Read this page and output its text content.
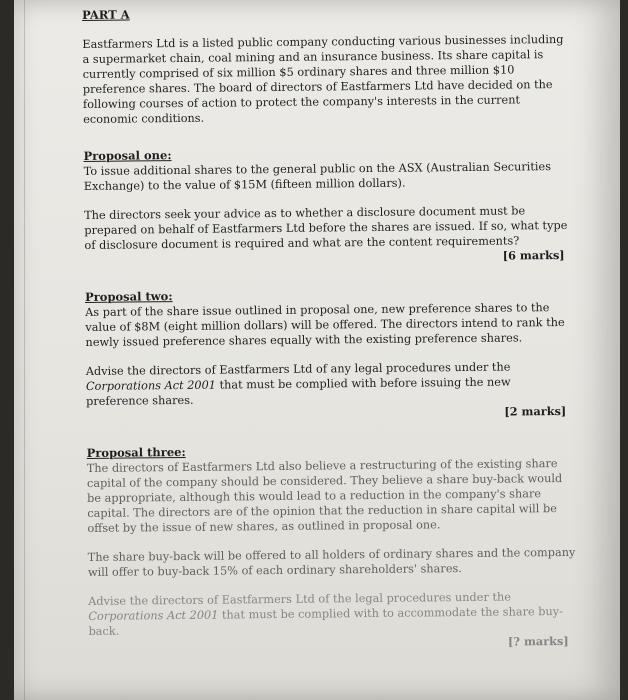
PART A

Eastfarmers Ltd is a listed public company conducting various businesses including a supermarket chain, coal mining and an insurance business. Its share capital is currently comprised of six million $5 ordinary shares and three million $10 preference shares. The board of directors of Eastfarmers Ltd have decided on the following courses of action to protect the company's interests in the current economic conditions.

Proposal one:

To issue additional shares to the general public on the ASX (Australian Securities Exchange) to the value of $15M (fifteen million dollars).

The directors seek your advice as to whether a disclosure document must be prepared on behalf of Eastfarmers Ltd before the shares are issued. If so, what type of disclosure document is required and what are the content requirements?

[6 marks]

Proposal two:

As part of the share issue outlined in proposal one, new preference shares to the value of $8M (eight million dollars) will be offered. The directors intend to rank the newly issued preference shares equally with the existing preference shares.

Advise the directors of Eastfarmers Ltd of any legal procedures under the Corporations Act 2001 that must be complied with before issuing the new preference shares.

[2 marks]

Proposal three:

The directors of Eastfarmers Ltd also believe a restructuring of the existing share capital of the company should be considered. They believe a share buy-back would be appropriate, although this would lead to a reduction in the company's share capital. The directors are of the opinion that the reduction in share capital will be offset by the issue of new shares, as outlined in proposal one.

The share buy-back will be offered to all holders of ordinary shares and the company will offer to buy-back 15% of each ordinary shareholders' shares.

Advise the directors of Eastfarmers Ltd of the legal procedures under the Corporations Act 2001 that must be complied with to accommodate the share buy-back.

[? marks]
